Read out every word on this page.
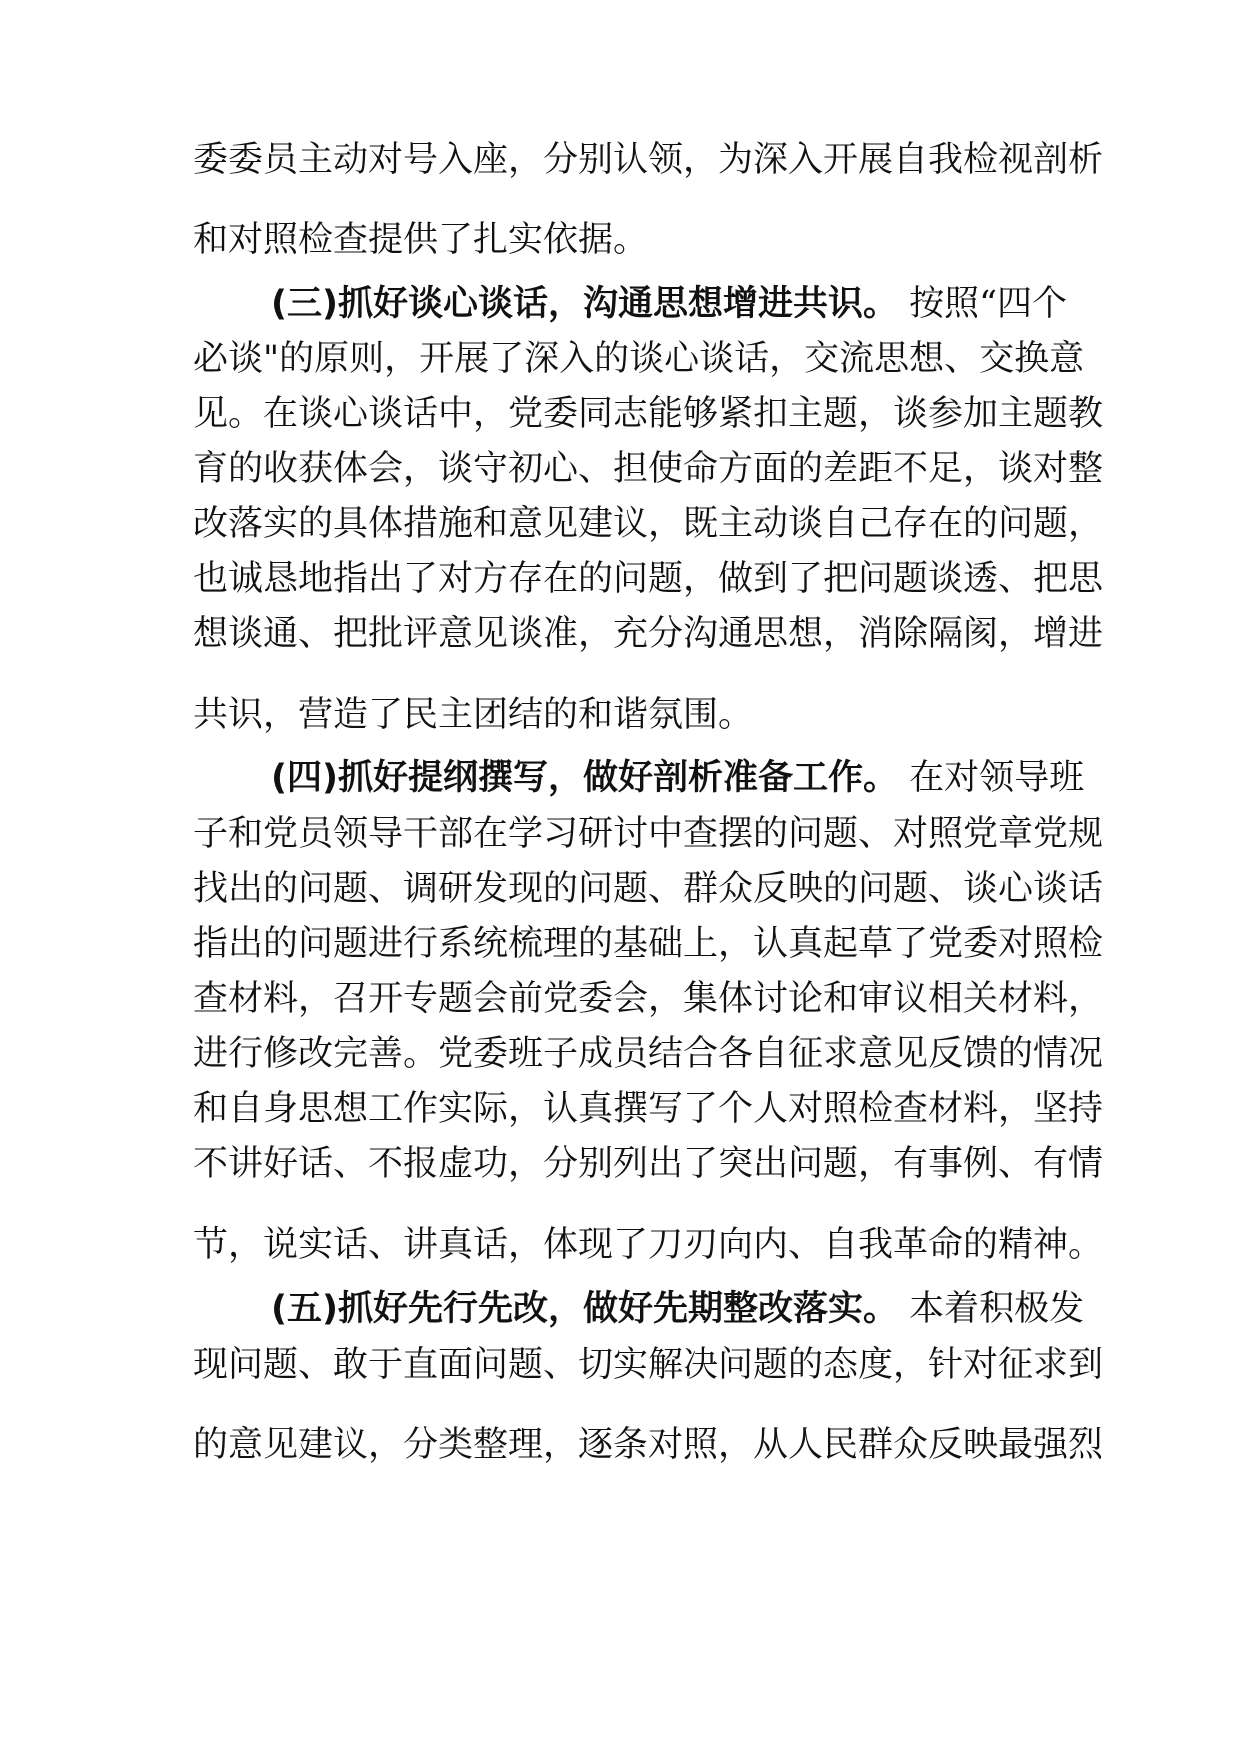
委委员主动对号入座，分别认领，为深入开展自我检视剖析
和对照检查提供了扎实依据。
(三)抓好谈心谈话，沟通思想增进共识。 按照“四个
必谈"的原则，开展了深入的谈心谈话，交流思想、交换意
见。在谈心谈话中，党委同志能够紧扣主题，谈参加主题教
育的收获体会，谈守初心、担使命方面的差距不足，谈对整
改落实的具体措施和意见建议，既主动谈自己存在的问题，
也诚恳地指出了对方存在的问题，做到了把问题谈透、把思
想谈通、把批评意见谈准，充分沟通思想，消除隔阂，增进
共识，营造了民主团结的和谐氛围。
(四)抓好提纲撰写，做好剖析准备工作。 在对领导班
子和党员领导干部在学习研讨中查摆的问题、对照党章党规
找出的问题、调研发现的问题、群众反映的问题、谈心谈话
指出的问题进行系统梳理的基础上，认真起草了党委对照检
查材料，召开专题会前党委会，集体讨论和审议相关材料，
进行修改完善。党委班子成员结合各自征求意见反馈的情况
和自身思想工作实际，认真撰写了个人对照检查材料，坚持
不讲好话、不报虚功，分别列出了突出问题，有事例、有情
节，说实话、讲真话，体现了刀刃向内、自我革命的精神。
(五)抓好先行先改，做好先期整改落实。 本着积极发
现问题、敢于直面问题、切实解决问题的态度，针对征求到
的意见建议，分类整理，逐条对照，从人民群众反映最强烈
